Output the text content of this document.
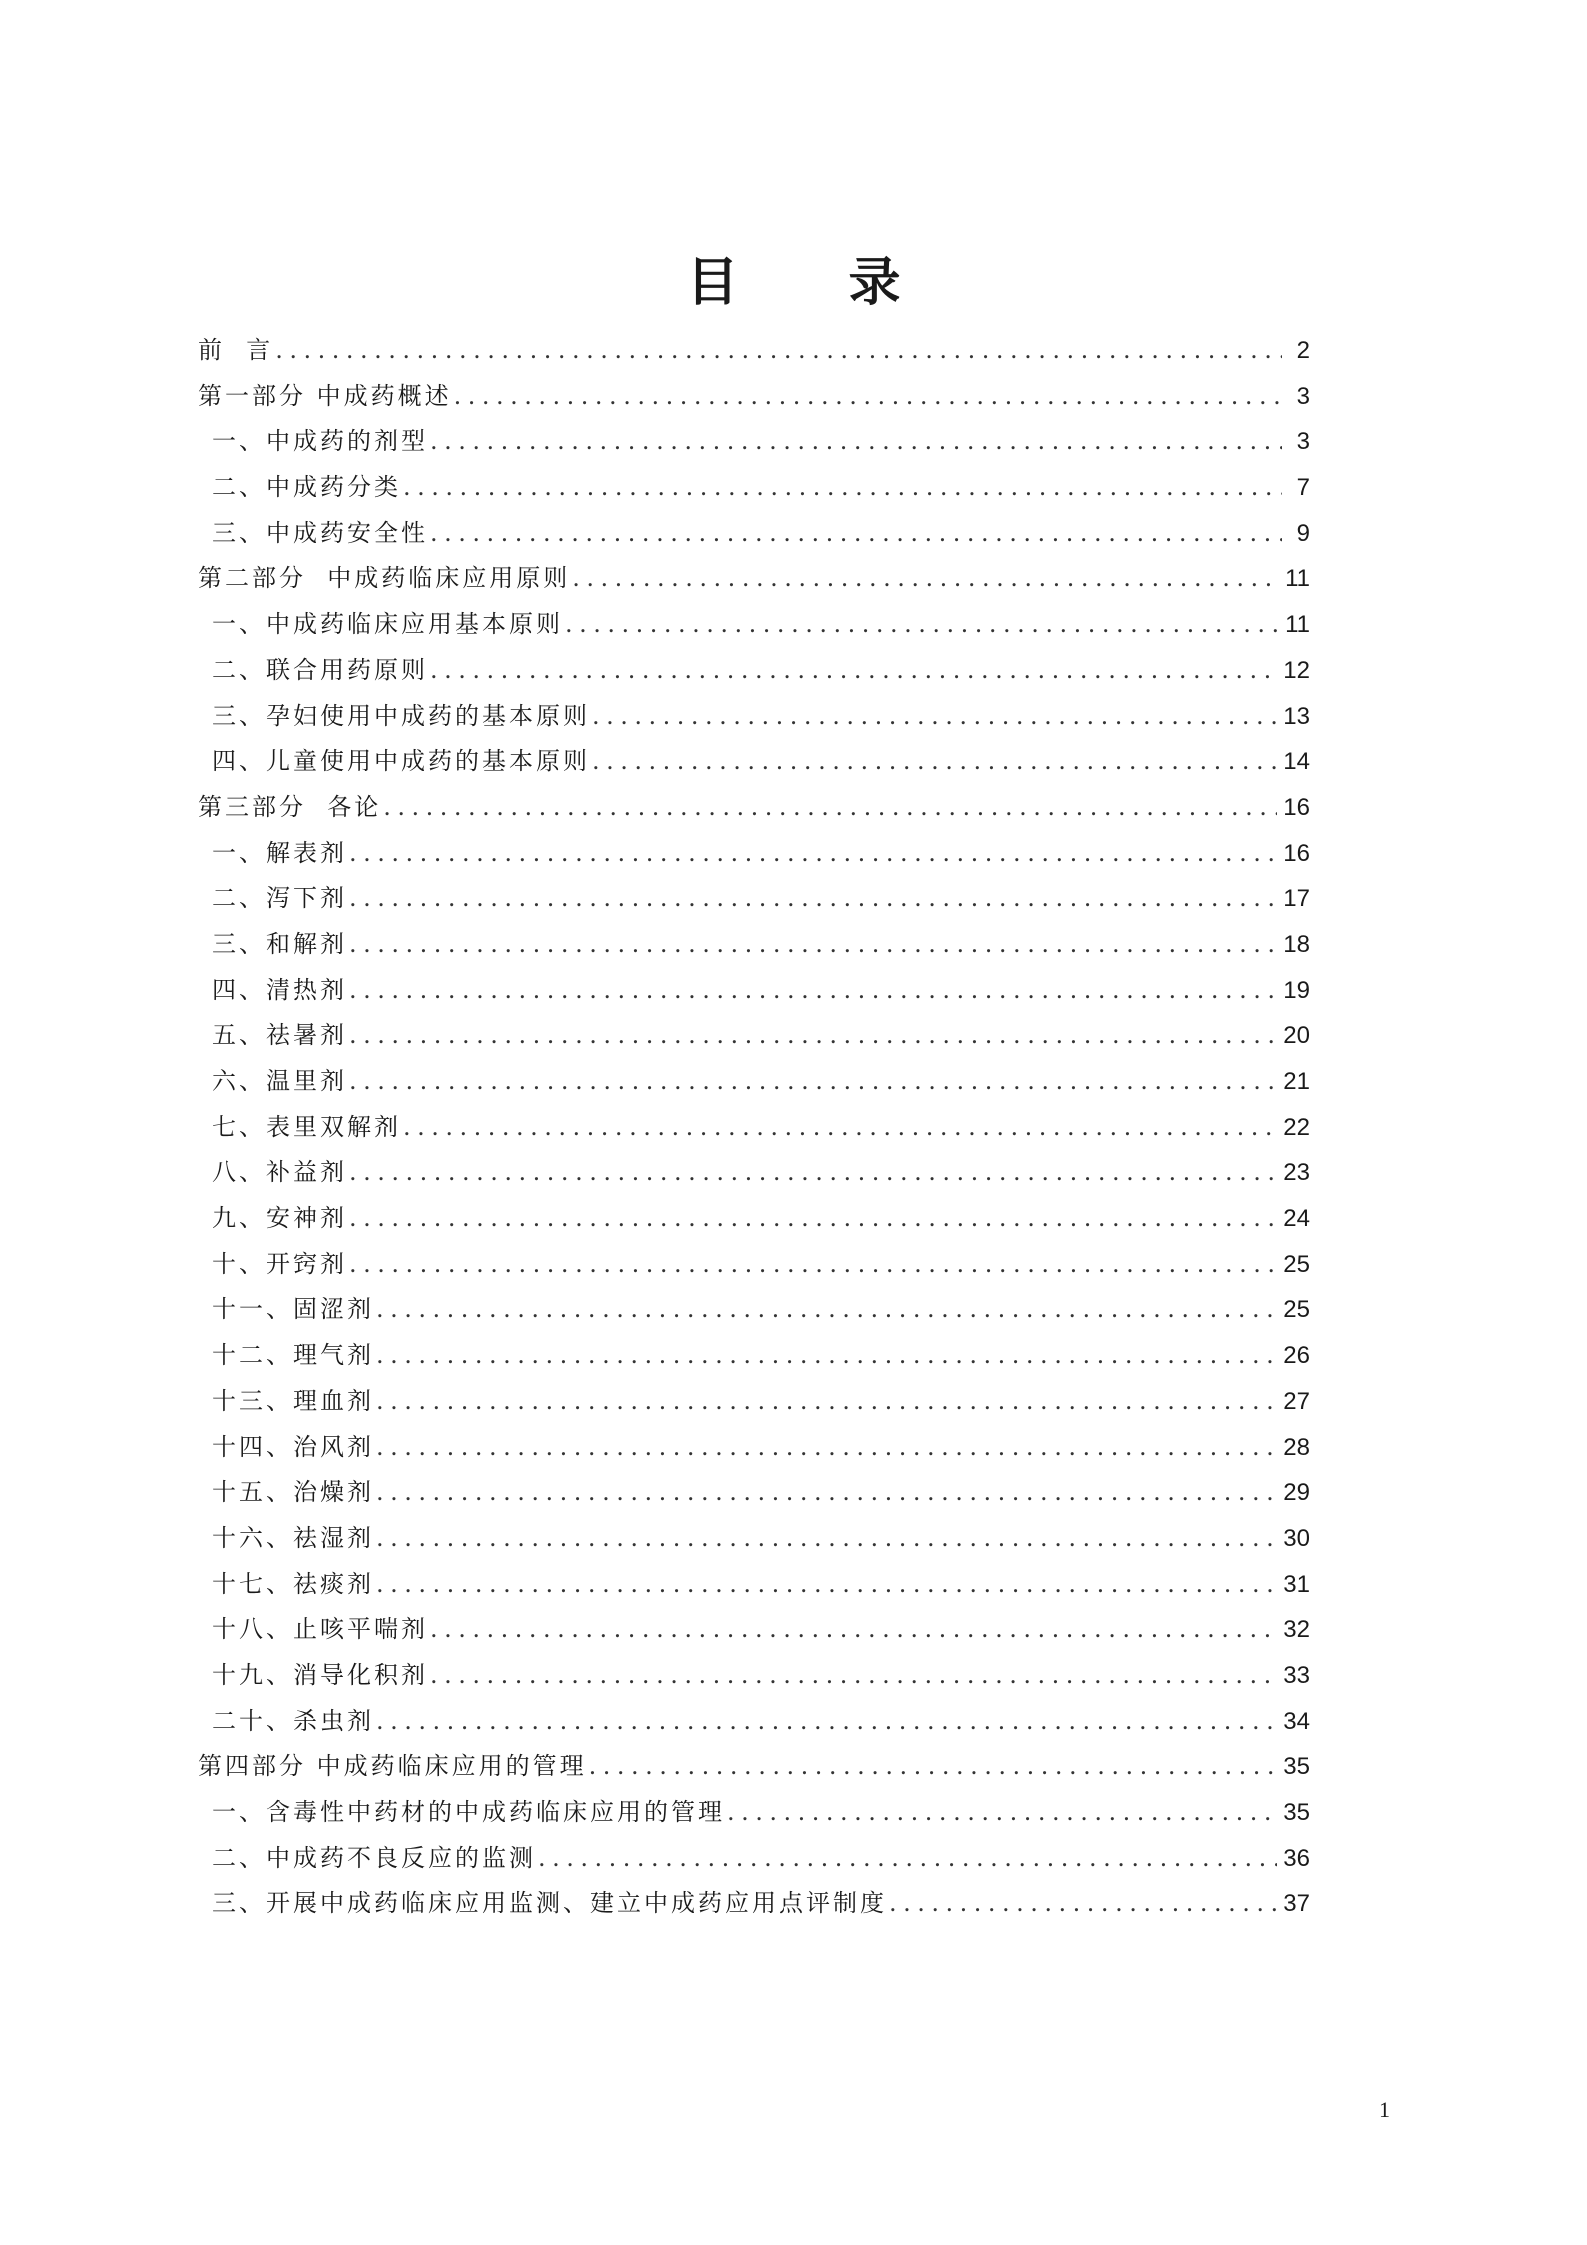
目 录
前  言 .....	2
第一部分 中成药概述 .....	3
一、中成药的剂型 .....	3
二、中成药分类 .....	7
三、中成药安全性 .....	9
第二部分  中成药临床应用原则 .....	11
一、中成药临床应用基本原则 .....	11
二、联合用药原则 .....	12
三、孕妇使用中成药的基本原则 .....	13
四、儿童使用中成药的基本原则 .....	14
第三部分  各论 .....	16
一、解表剂 .....	16
二、泻下剂 .....	17
三、和解剂 .....	18
四、清热剂 .....	19
五、祛暑剂 .....	20
六、温里剂 .....	21
七、表里双解剂 .....	22
八、补益剂 .....	23
九、安神剂 .....	24
十、开窍剂 .....	25
十一、固涩剂 .....	25
十二、理气剂 .....	26
十三、理血剂 .....	27
十四、治风剂 .....	28
十五、治燥剂 .....	29
十六、祛湿剂 .....	30
十七、祛痰剂 .....	31
十八、止咳平喘剂 .....	32
十九、消导化积剂 .....	33
二十、杀虫剂 .....	34
第四部分 中成药临床应用的管理 .....	35
一、含毒性中药材的中成药临床应用的管理 .....	35
二、中成药不良反应的监测 .....	36
三、开展中成药临床应用监测、建立中成药应用点评制度 .....	37
1
